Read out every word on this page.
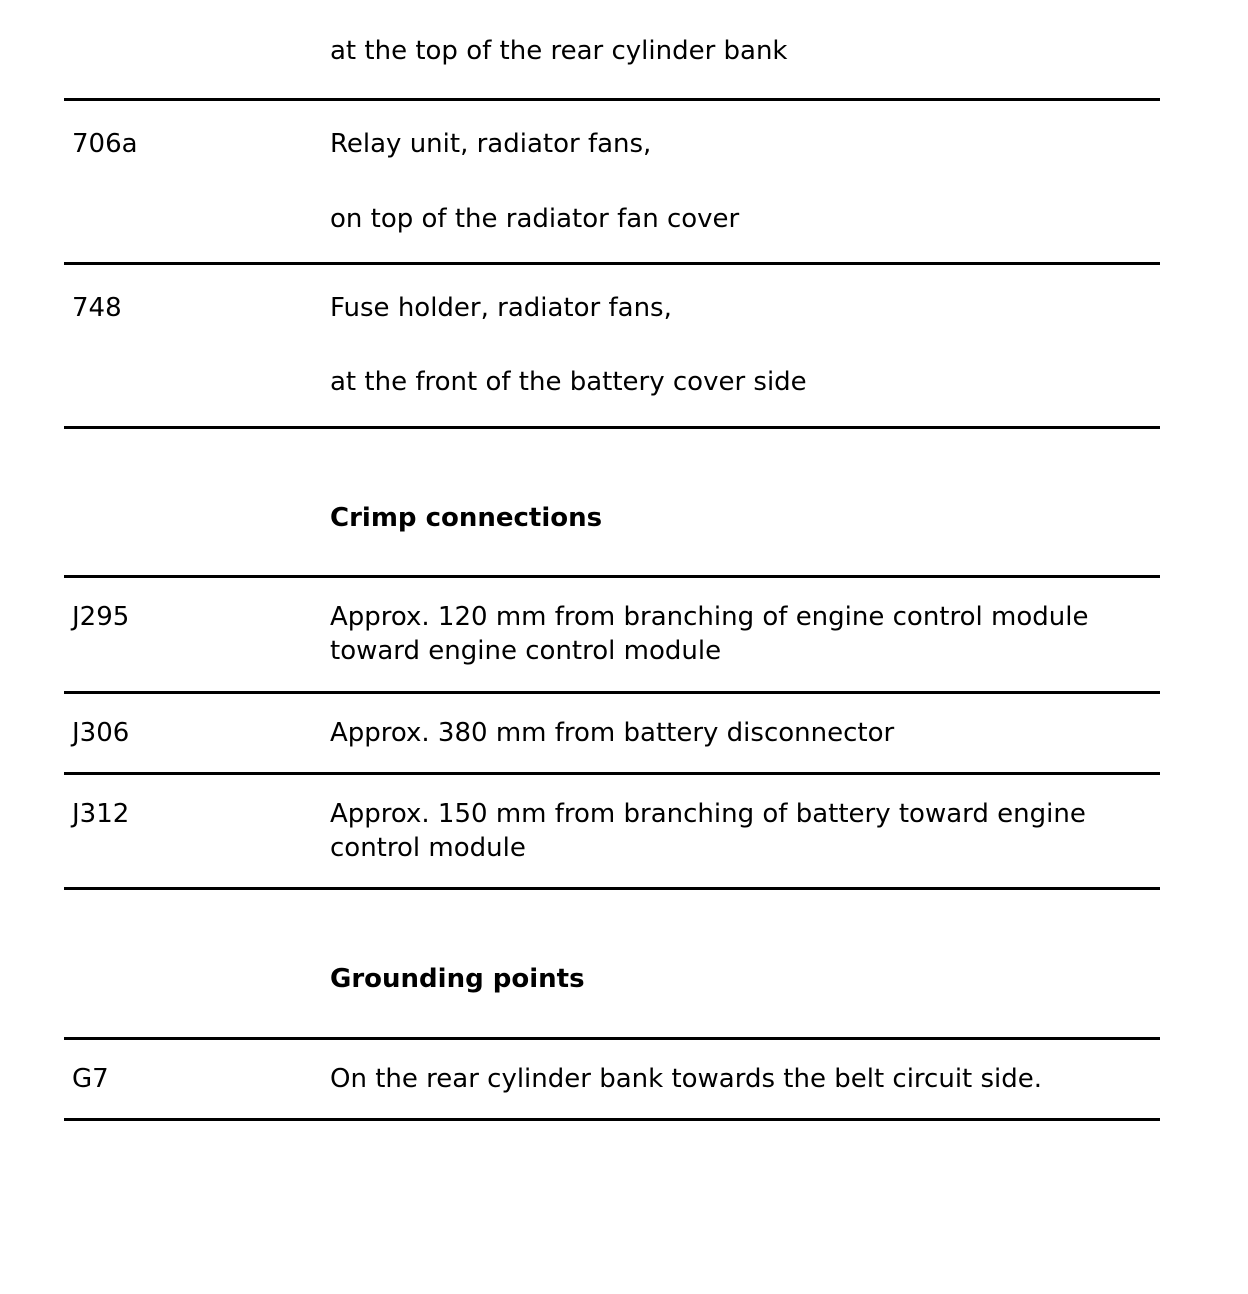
at the top of the rear cylinder bank
706a	Relay unit, radiator fans,
on top of the radiator fan cover
748	Fuse holder, radiator fans,
at the front of the battery cover side
Crimp connections
J295	Approx. 120 mm from branching of engine control module toward engine control module
J306	Approx. 380 mm from battery disconnector
J312	Approx. 150 mm from branching of battery toward engine control module
Grounding points
G7	On the rear cylinder bank towards the belt circuit side.
